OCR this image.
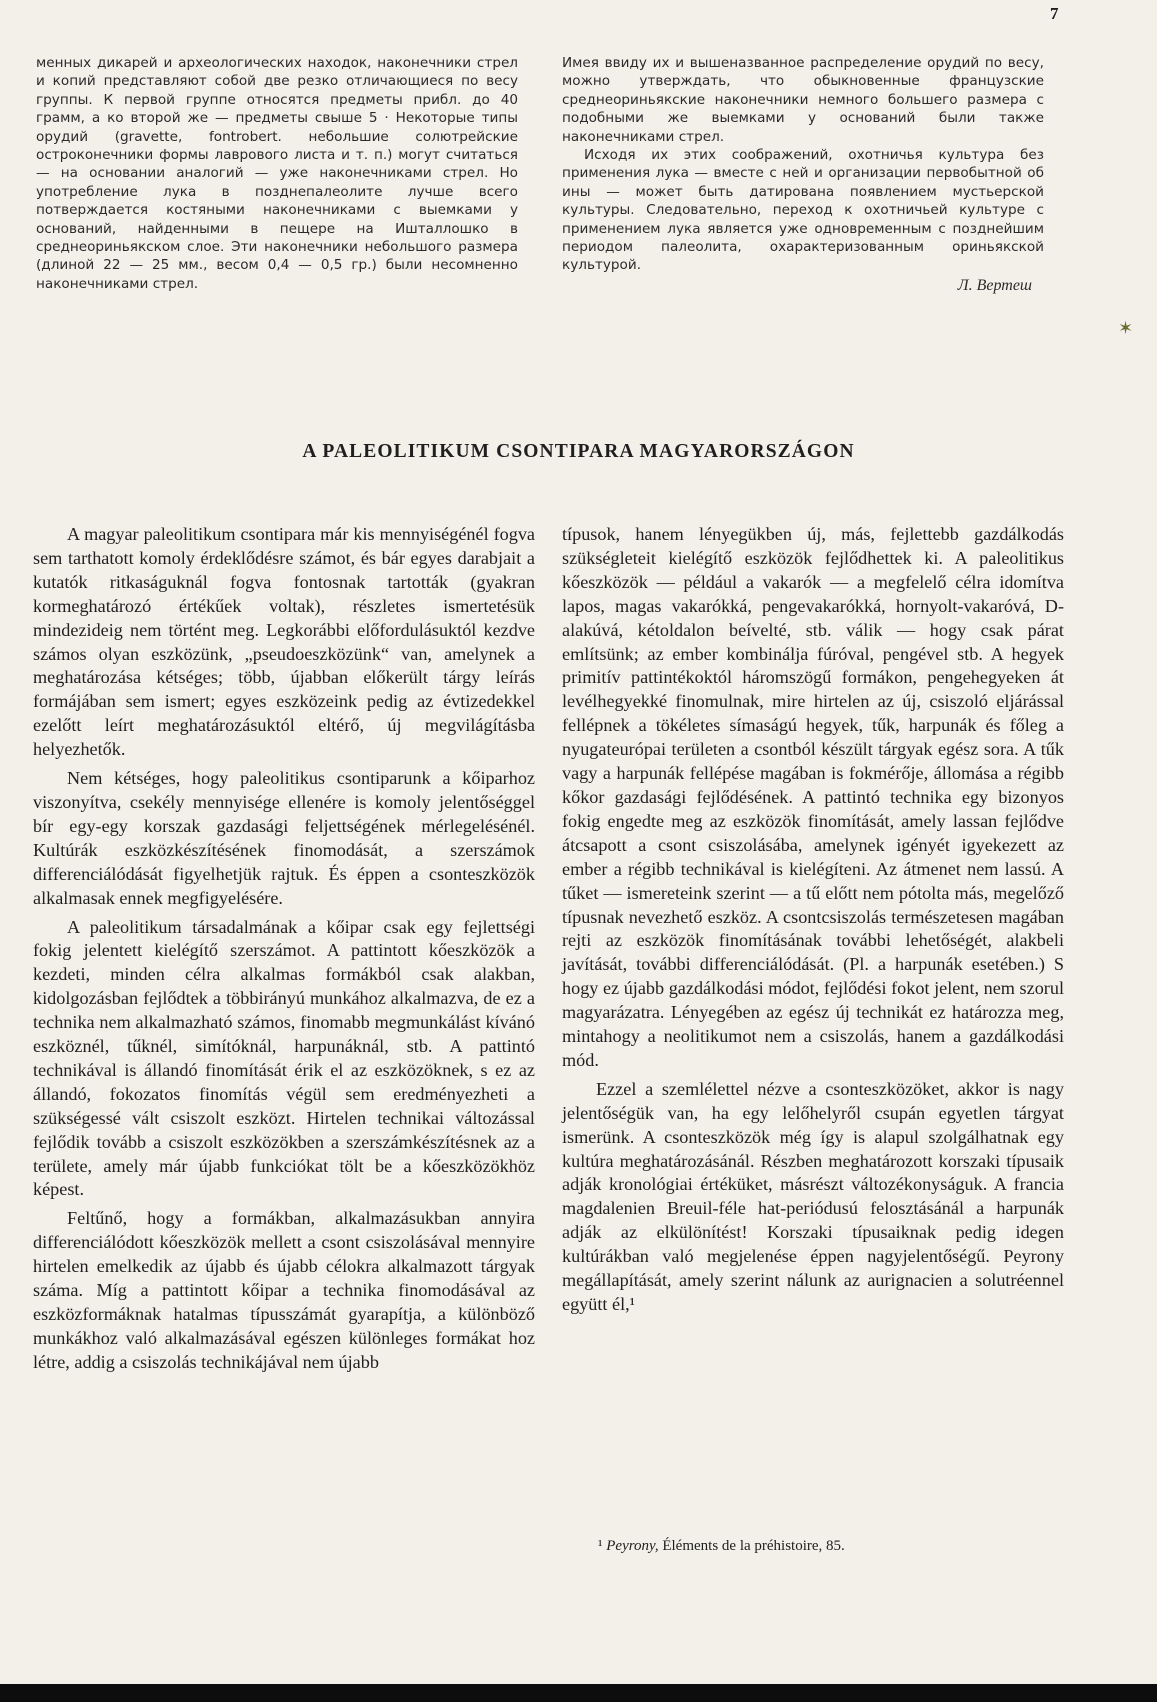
7
✶

менных дикарей и археологических находок, наконечники стрел и копий представляют собой две резко отличающиеся по весу группы. К первой группе относятся предметы прибл. до 40 грамм, а ко второй же — предметы свыше 5 · Некоторые типы орудий (gravette, fontrobert. небольшие солютрейские остроконечники формы лаврового листа и т. п.) могут считаться — на основании аналогий — уже наконечниками стрел. Но употребление лука в позднепалеолите лучше всего потверждается костяными наконечниками с выемками у оснований, найденными в пещере на Ишталлошко в среднеориньякском слое. Эти наконечники небольшого размера (длиной 22 — 25 мм., весом 0,4 — 0,5 гр.) были несомненно наконечниками стрел.

Имея ввиду их и вышеназванное распределение орудий по весу, можно утверждать, что обыкновенные французские среднеориньякские наконечники немного большего размера с подобными же выемками у оснований были также наконечниками стрел.

Исходя их этих соображений, охотничья культура без применения лука — вместе с ней и организации первобытной об ины — может быть датирована появлением мустьерской культуры. Следовательно, переход к охотничьей культуре с применением лука является уже одновременным с позднейшим периодом палеолита, охарактеризованным ориньякской культурой.

Л. Вертеш
A PALEOLITIKUM CSONTIPARA MAGYARORSZÁGON

A magyar paleolitikum csontipara már kis mennyiségénél fogva sem tarthatott komoly érdeklődésre számot, és bár egyes darabjait a kutatók ritkaságuknál fogva fontosnak tartották (gyakran kormeghatározó értékűek voltak), részletes ismertetésük mindezideig nem történt meg. Legkorábbi előfordulásuktól kezdve számos olyan eszközünk, „pseudoeszközünk“ van, amelynek a meghatározása kétséges; több, újabban előkerült tárgy leírás formájában sem ismert; egyes eszközeink pedig az évtizedekkel ezelőtt leírt meghatározásuktól eltérő, új megvilágításba helyezhetők.

Nem kétséges, hogy paleolitikus csontiparunk a kőiparhoz viszonyítva, csekély mennyisége ellenére is komoly jelentőséggel bír egy-egy korszak gazdasági feljettségének mérlegelésénél. Kultúrák eszközkészítésének finomodását, a szerszámok differenciálódását figyelhetjük rajtuk. És éppen a csonteszközök alkalmasak ennek megfigyelésére.

A paleolitikum társadalmának a kőipar csak egy fejlettségi fokig jelentett kielégítő szerszámot. A pattintott kőeszközök a kezdeti, minden célra alkalmas formákból csak alakban, kidolgozásban fejlődtek a többirányú munkához alkalmazva, de ez a technika nem alkalmazható számos, finomabb megmunkálást kívánó eszköznél, tűknél, simítóknál, harpunáknál, stb. A pattintó technikával is állandó finomítását érik el az eszközöknek, s ez az állandó, fokozatos finomítás végül sem eredményezheti a szükségessé vált csiszolt eszközt. Hirtelen technikai változással fejlődik tovább a csiszolt eszközökben a szerszámkészítésnek az a területe, amely már újabb funkciókat tölt be a kőeszközökhöz képest.

Feltűnő, hogy a formákban, alkalmazásukban annyira differenciálódott kőeszközök mellett a csont csiszolásával mennyire hirtelen emelkedik az újabb és újabb célokra alkalmazott tárgyak száma. Míg a pattintott kőipar a technika finomodásával az eszközformáknak hatalmas típusszámát gyarapítja, a különböző munkákhoz való alkalmazásával egészen különleges formákat hoz létre, addig a csiszolás technikájával nem újabb

típusok, hanem lényegükben új, más, fejlettebb gazdálkodás szükségleteit kielégítő eszközök fejlődhettek ki. A paleolitikus kőeszközök — például a vakarók — a megfelelő célra idomítva lapos, magas vakarókká, pengevakarókká, hornyolt-vakaróvá, D-alakúvá, kétoldalon beívelté, stb. válik — hogy csak párat említsünk; az ember kombinálja fúróval, pengével stb. A hegyek primitív pattintékoktól háromszögű formákon, pengehegyeken át levélhegyekké finomulnak, mire hirtelen az új, csiszoló eljárással fellépnek a tökéletes símaságú hegyek, tűk, harpunák és főleg a nyugateurópai területen a csontból készült tárgyak egész sora. A tűk vagy a harpunák fellépése magában is fokmérője, állomása a régibb kőkor gazdasági fejlődésének. A pattintó technika egy bizonyos fokig engedte meg az eszközök finomítását, amely lassan fejlődve átcsapott a csont csiszolásába, amelynek igényét igyekezett az ember a régibb technikával is kielégíteni. Az átmenet nem lassú. A tűket — ismereteink szerint — a tű előtt nem pótolta más, megelőző típusnak nevezhető eszköz. A csontcsiszolás természetesen magában rejti az eszközök finomításának további lehetőségét, alakbeli javítását, további differenciálódását. (Pl. a harpunák esetében.) S hogy ez újabb gazdálkodási módot, fejlődési fokot jelent, nem szorul magyarázatra. Lényegében az egész új technikát ez határozza meg, mintahogy a neolitikumot nem a csiszolás, hanem a gazdálkodási mód.

Ezzel a szemlélettel nézve a csonteszközöket, akkor is nagy jelentőségük van, ha egy lelőhelyről csupán egyetlen tárgyat ismerünk. A csonteszközök még így is alapul szolgálhatnak egy kultúra meghatározásánál. Részben meghatározott korszaki típusaik adják kronológiai értéküket, másrészt változékonyságuk. A francia magdalenien Breuil-féle hat-periódusú felosztásánál a harpunák adják az elkülönítést! Korszaki típusaiknak pedig idegen kultúrákban való megjelenése éppen nagyjelentőségű. Peyrony megállapítását, amely szerint nálunk az aurignacien a solutréennel együtt él,¹

¹ Peyrony, Éléments de la préhistoire, 85.
